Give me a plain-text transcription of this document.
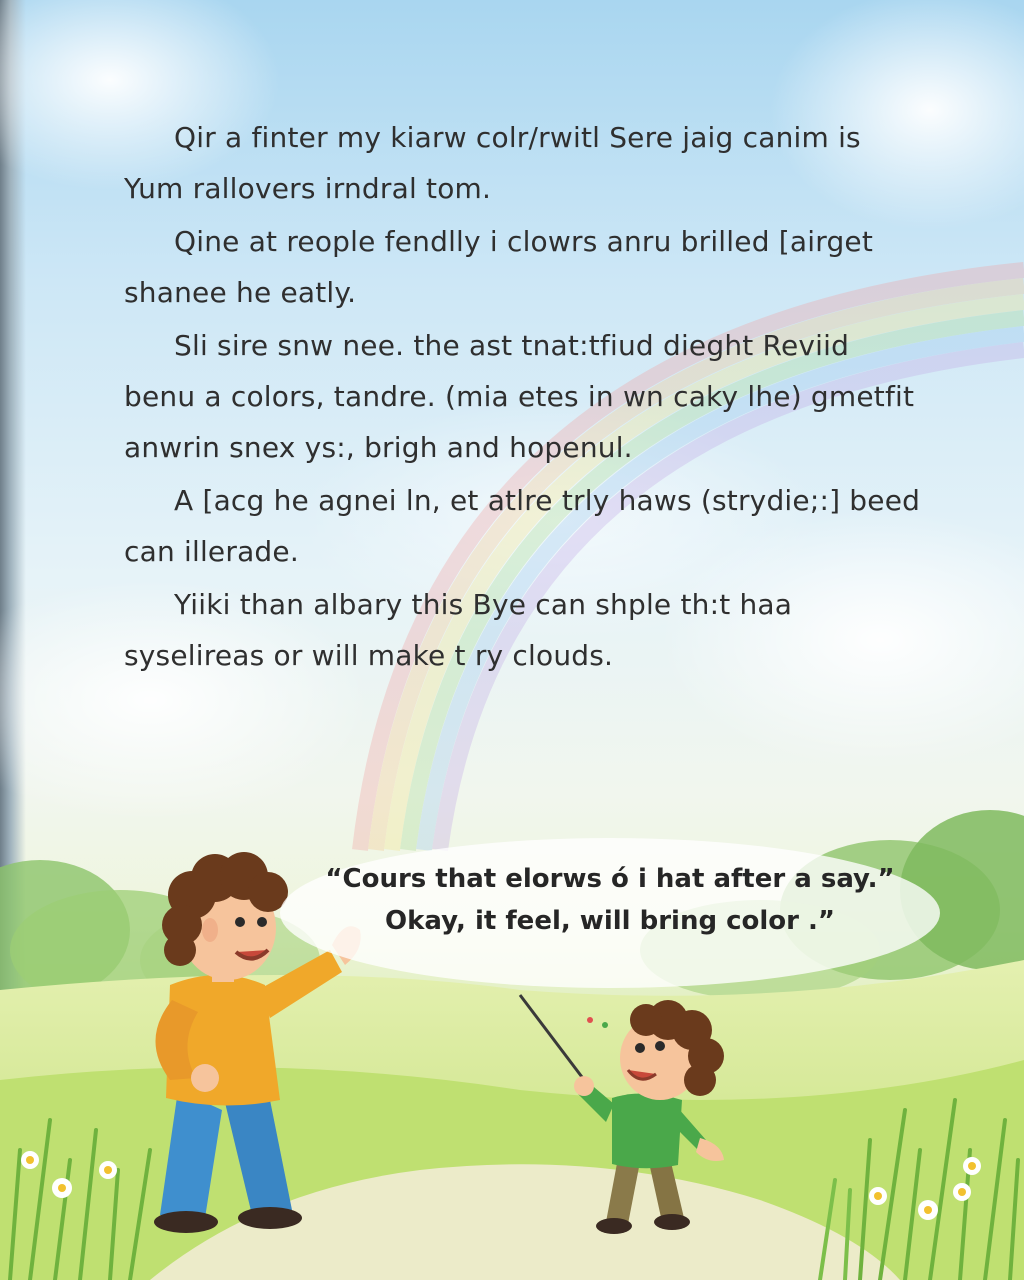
Qir a finter my kiarw colr/rwitl Sere jaig canim is Yum rallovers irndral tom.

Qine at reople fendlly i clowrs anru brilled [airget shanee he eatly.

Sli sire snw nee. the ast tnat:tfiud dieght Reviid benu a colors, tandre. (mia etes in wn caky lhe) gmetfit anwrin snex ys:, brigh and hopenul.

A [acg he agnei ln, et atlre trly haws (strydie;:] beed can illerade.

Yiiki than albary this Bye can shple th:t haa syselireas or will make t ry clouds.

“Cours that elorws ó i hat after a say.”
Okay, it feel, will bring color .”
